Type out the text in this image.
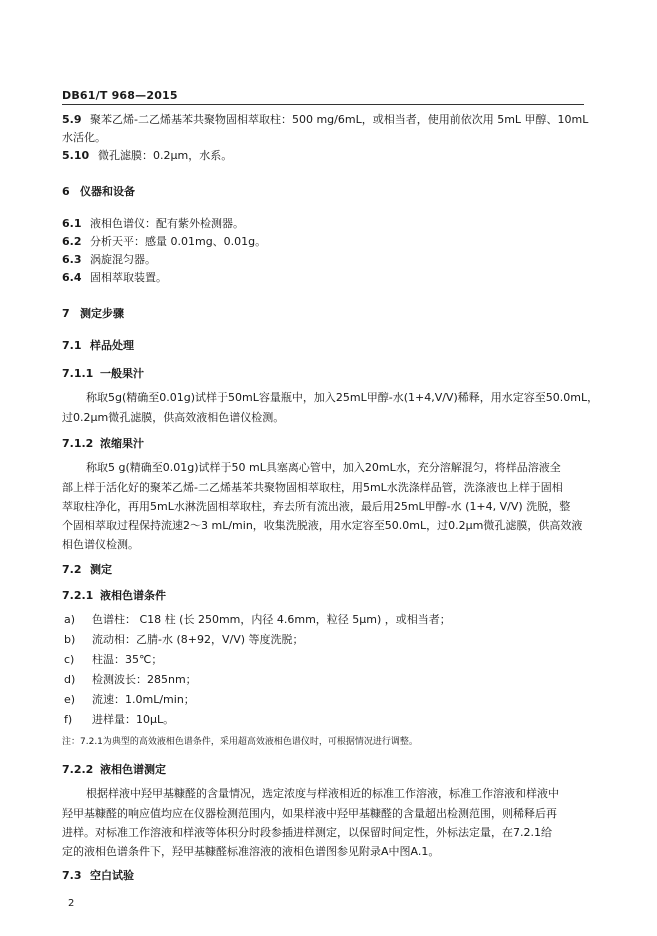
DB61/T 968—2015
5.9 聚苯乙烯-二乙烯基苯共聚物固相萃取柱：500 mg/6mL，或相当者，使用前依次用 5mL 甲醇、10mL
水活化。
5.10 微孔滤膜：0.2μm，水系。
6 仪器和设备
6.1 液相色谱仪：配有紫外检测器。
6.2 分析天平：感量 0.01mg、0.01g。
6.3 涡旋混匀器。
6.4 固相萃取装置。
7 测定步骤
7.1 样品处理
7.1.1 一般果汁
称取5g(精确至0.01g)试样于50mL容量瓶中，加入25mL甲醇-水(1+4,V/V)稀释，用水定容至50.0mL，
过0.2μm微孔滤膜，供高效液相色谱仪检测。
7.1.2 浓缩果汁
称取5 g(精确至0.01g)试样于50 mL具塞离心管中，加入20mL水，充分溶解混匀，将样品溶液全
部上样于活化好的聚苯乙烯-二乙烯基苯共聚物固相萃取柱，用5mL水洗涤样品管，洗涤液也上样于固相
萃取柱净化，再用5mL水淋洗固相萃取柱，弃去所有流出液，最后用25mL甲醇-水 (1+4, V/V) 洗脱，整
个固相萃取过程保持流速2～3 mL/min，收集洗脱液，用水定容至50.0mL，过0.2μm微孔滤膜，供高效液
相色谱仪检测。
7.2 测定
7.2.1 液相色谱条件
a) 色谱柱： C18 柱 (长 250mm，内径 4.6mm，粒径 5μm) ，或相当者；
b) 流动相：乙腈-水 (8+92，V/V) 等度洗脱；
c) 柱温：35℃；
d) 检测波长：285nm；
e) 流速：1.0mL/min；
f) 进样量：10μL。
注：7.2.1为典型的高效液相色谱条件，采用超高效液相色谱仪时，可根据情况进行调整。
7.2.2 液相色谱测定
根据样液中羟甲基糠醛的含量情况，选定浓度与样液相近的标准工作溶液，标准工作溶液和样液中
羟甲基糠醛的响应值均应在仪器检测范围内，如果样液中羟甲基糠醛的含量超出检测范围，则稀释后再
进样。对标准工作溶液和样液等体积分时段参插进样测定，以保留时间定性，外标法定量，在7.2.1给
定的液相色谱条件下，羟甲基糠醛标准溶液的液相色谱图参见附录A中图A.1。
7.3 空白试验
2
